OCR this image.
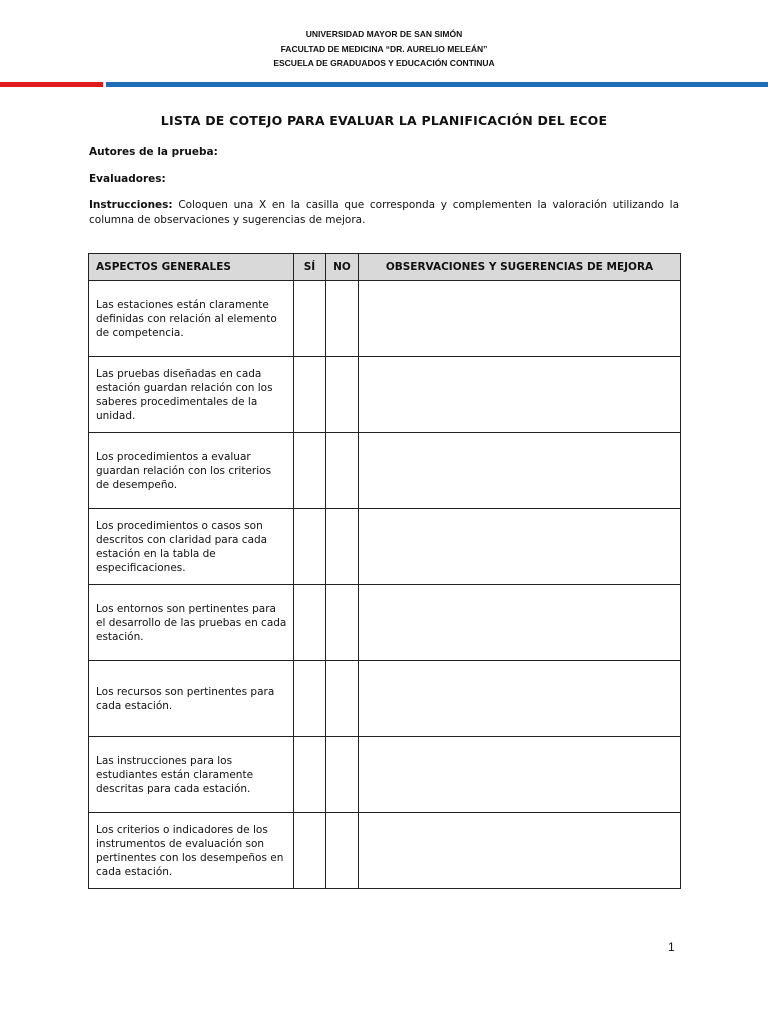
UNIVERSIDAD MAYOR DE SAN SIMÓN
FACULTAD DE MEDICINA “DR. AURELIO MELEÁN”
ESCUELA DE GRADUADOS Y EDUCACIÓN CONTINUA
LISTA DE COTEJO PARA EVALUAR LA PLANIFICACIÓN DEL ECOE
Autores de la prueba:
Evaluadores:
Instrucciones: Coloquen una X en la casilla que corresponda y complementen la valoración utilizando la columna de observaciones y sugerencias de mejora.
ASPECTOS GENERALES	SÍ	NO	OBSERVACIONES Y SUGERENCIAS DE MEJORA
Las estaciones están claramente definidas con relación al elemento de competencia.			
Las pruebas diseñadas en cada estación guardan relación con los saberes procedimentales de la unidad.			
Los procedimientos a evaluar guardan relación con los criterios de desempeño.			
Los procedimientos o casos son descritos con claridad para cada estación en la tabla de especificaciones.			
Los entornos son pertinentes para el desarrollo de las pruebas en cada estación.			
Los recursos son pertinentes para cada estación.			
Las instrucciones para los estudiantes están claramente descritas para cada estación.			
Los criterios o indicadores de los instrumentos de evaluación son pertinentes con los desempeños en cada estación.			
1
